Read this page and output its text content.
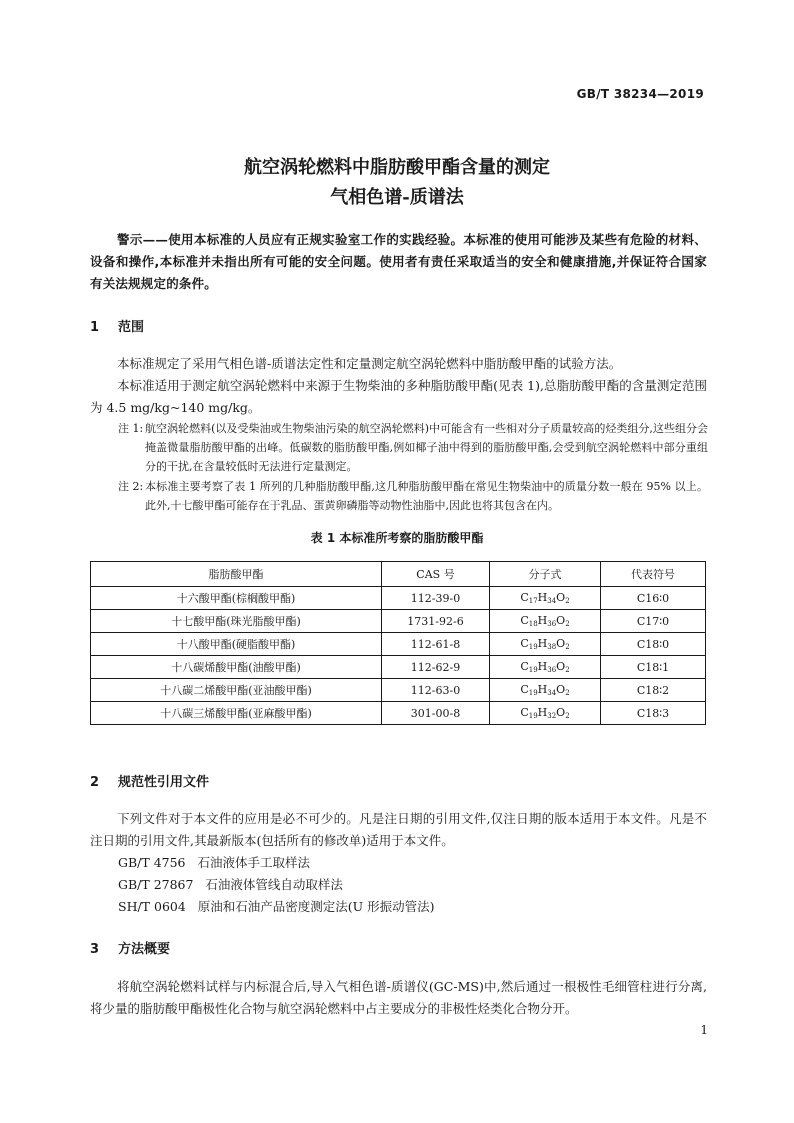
GB/T 38234—2019
航空涡轮燃料中脂肪酸甲酯含量的测定
气相色谱-质谱法
警示——使用本标准的人员应有正规实验室工作的实践经验。本标准的使用可能涉及某些有危险的材料、设备和操作,本标准并未指出所有可能的安全问题。使用者有责任采取适当的安全和健康措施,并保证符合国家有关法规规定的条件。
1 范围
本标准规定了采用气相色谱-质谱法定性和定量测定航空涡轮燃料中脂肪酸甲酯的试验方法。
本标准适用于测定航空涡轮燃料中来源于生物柴油的多种脂肪酸甲酯(见表 1),总脂肪酸甲酯的含量测定范围为 4.5 mg/kg~140 mg/kg。
注 1: 航空涡轮燃料(以及受柴油或生物柴油污染的航空涡轮燃料)中可能含有一些相对分子质量较高的烃类组分,这些组分会掩盖微量脂肪酸甲酯的出峰。低碳数的脂肪酸甲酯,例如椰子油中得到的脂肪酸甲酯,会受到航空涡轮燃料中部分重组分的干扰,在含量较低时无法进行定量测定。
注 2: 本标准主要考察了表 1 所列的几种脂肪酸甲酯,这几种脂肪酸甲酯在常见生物柴油中的质量分数一般在 95% 以上。此外,十七酸甲酯可能存在于乳品、蛋黄卵磷脂等动物性油脂中,因此也将其包含在内。
表 1 本标准所考察的脂肪酸甲酯
脂肪酸甲酯	CAS 号	分子式	代表符号
十六酸甲酯(棕榈酸甲酯)	112-39-0	$C_{17}H_{34}O_2$	C16∶0
十七酸甲酯(珠光脂酸甲酯)	1731-92-6	$C_{18}H_{36}O_2$	C17∶0
十八酸甲酯(硬脂酸甲酯)	112-61-8	$C_{19}H_{38}O_2$	C18∶0
十八碳烯酸甲酯(油酸甲酯)	112-62-9	$C_{19}H_{36}O_2$	C18∶1
十八碳二烯酸甲酯(亚油酸甲酯)	112-63-0	$C_{19}H_{34}O_2$	C18∶2
十八碳三烯酸甲酯(亚麻酸甲酯)	301-00-8	$C_{19}H_{32}O_2$	C18∶3
2 规范性引用文件
下列文件对于本文件的应用是必不可少的。凡是注日期的引用文件,仅注日期的版本适用于本文件。凡是不注日期的引用文件,其最新版本(包括所有的修改单)适用于本文件。
GB/T 4756 石油液体手工取样法
GB/T 27867 石油液体管线自动取样法
SH/T 0604 原油和石油产品密度测定法(U 形振动管法)
3 方法概要
将航空涡轮燃料试样与内标混合后,导入气相色谱-质谱仪(GC-MS)中,然后通过一根极性毛细管柱进行分离,将少量的脂肪酸甲酯极性化合物与航空涡轮燃料中占主要成分的非极性烃类化合物分开。
1
